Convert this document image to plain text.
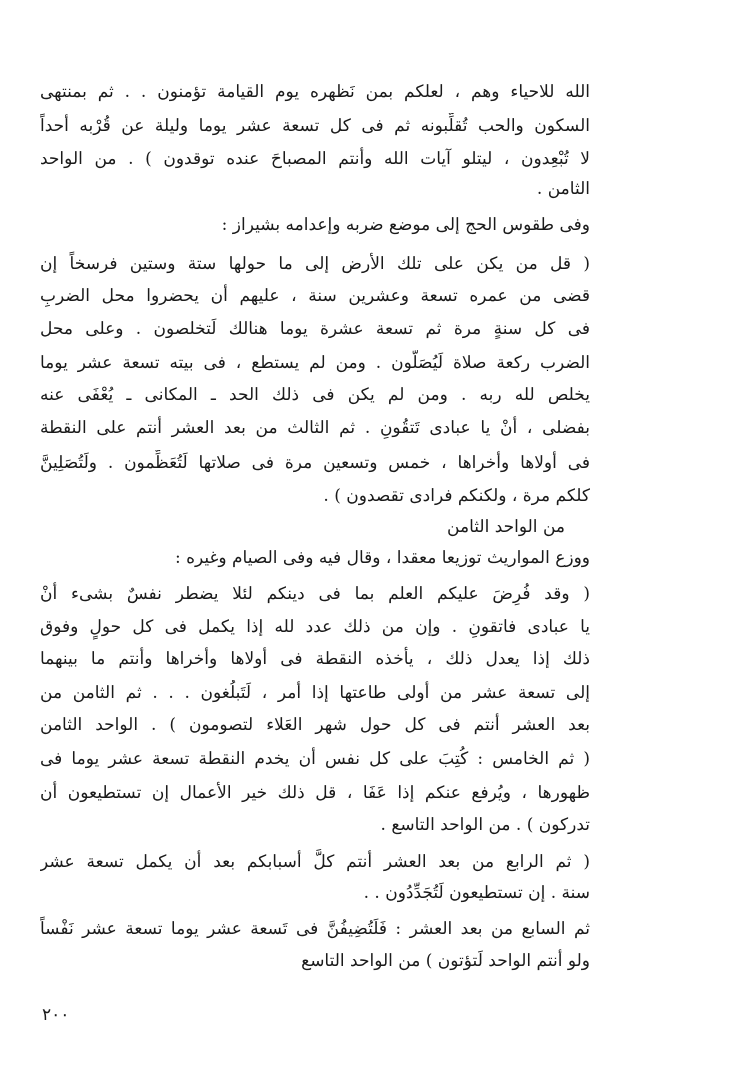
الله للاحياء وهم ، لعلكم بمن نَظهره يوم القيامة تؤمنون . . ثم بمنتهى
السكون والحب تُقلِّبونه ثم فى كل تسعة عشر يوما وليلة عن قُرْبه أحداً
لا تُبْعِدون ، ليتلو آيات الله وأنتم المصباحَ عنده توقدون ) . من الواحد
الثامن .
وفى طقوس الحج إلى موضع ضربه وإعدامه بشيراز :
( قل من يكن على تلك الأرض إلى ما حولها ستة وستين فرسخاً إن
قضى من عمره تسعة وعشرين سنة ، عليهم أن يحضروا محل الضربِ
فى كل سنةٍ مرة ثم تسعة عشرة يوما هنالك لَتخلصون . وعلى محل
الضرب ركعة صلاة لَيُصَلّون . ومن لم يستطع ، فى بيته تسعة عشر يوما
يخلص لله ربه . ومن لم يكن فى ذلك الحد ـ المكانى ـ يُعْفَى عنه
بفضلى ، أنْ يا عبادى تَتقُونِ . ثم الثالث من بعد العشر أنتم على النقطة
فى أولاها وأخراها ، خمس وتسعين مرة فى صلاتها لَتُعَظِّمون . ولَتُصَلِينَّ
كلكم مرة ، ولكنكم فرادى تقصدون ) .
من الواحد الثامن
ووزع المواريث توزيعا معقدا ، وقال فيه وفى الصيام وغيره :
( وقد فُرِضَ عليكم العلم بما فى دينكم لئلا يضطر نفسٌ بشىء أنْ
يا عبادى فاتقونِ . وإن من ذلك عدد لله إذا يكمل فى كل حولٍ وفوق
ذلك إذا يعدل ذلك ، يأخذه النقطة فى أولاها وأخراها وأنتم ما بينهما
إلى تسعة عشر من أولى طاعتها إذا أمر ، لَتَبلُغون . . . ثم الثامن من
بعد العشر أنتم فى كل حول شهر العَلاء لتصومون ) . الواحد الثامن
( ثم الخامس : كُتِبَ على كل نفس أن يخدم النقطة تسعة عشر يوما فى
ظهورها ، ويُرفع عنكم إذا عَفَا ، قل ذلك خير الأعمال إن تستطيعون أن
تدركون ) . من الواحد التاسع .
( ثم الرابع من بعد العشر أنتم كلَّ أسبابكم بعد أن يكمل تسعة عشر
سنة . إن تستطيعون لَتُجَدِّدُون . .
ثم السابع من بعد العشر : فَلَتُضِيفُنَّ فى تَسعة عشر يوما تسعة عشر نَفْساً
ولو أنتم الواحد لَتؤتون ) من الواحد التاسع
٢٠٠
